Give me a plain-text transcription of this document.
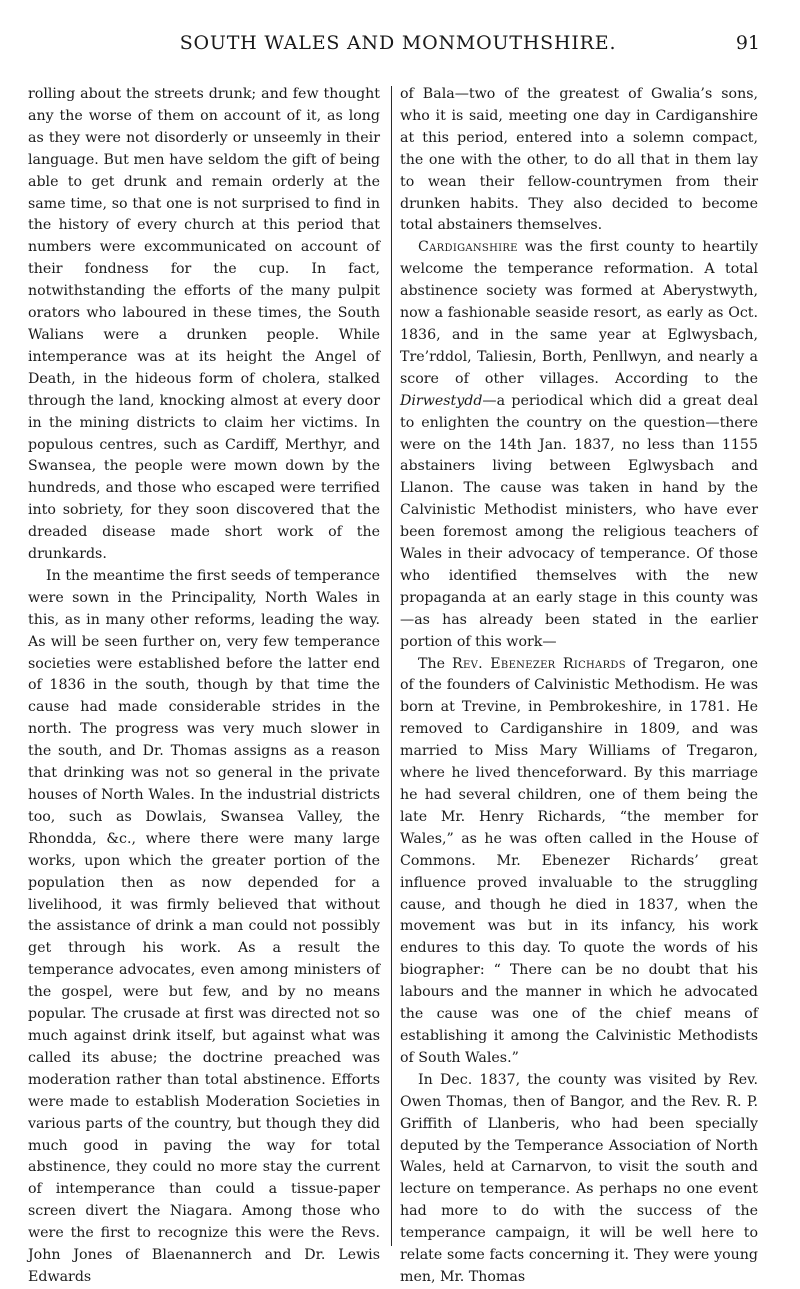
SOUTH WALES AND MONMOUTHSHIRE.	91

rolling about the streets drunk; and few thought any the worse of them on account of it, as long as they were not disorderly or unseemly in their language. But men have seldom the gift of being able to get drunk and remain orderly at the same time, so that one is not surprised to find in the history of every church at this period that numbers were excommunicated on account of their fondness for the cup. In fact, notwithstanding the efforts of the many pulpit orators who laboured in these times, the South Walians were a drunken people. While intemperance was at its height the Angel of Death, in the hideous form of cholera, stalked through the land, knocking almost at every door in the mining districts to claim her victims. In populous centres, such as Cardiff, Merthyr, and Swansea, the people were mown down by the hundreds, and those who escaped were terrified into sobriety, for they soon discovered that the dreaded disease made short work of the drunkards.

In the meantime the first seeds of temperance were sown in the Principality, North Wales in this, as in many other reforms, leading the way. As will be seen further on, very few temperance societies were established before the latter end of 1836 in the south, though by that time the cause had made considerable strides in the north. The progress was very much slower in the south, and Dr. Thomas assigns as a reason that drinking was not so general in the private houses of North Wales. In the industrial districts too, such as Dowlais, Swansea Valley, the Rhondda, &c., where there were many large works, upon which the greater portion of the population then as now depended for a livelihood, it was firmly believed that without the assistance of drink a man could not possibly get through his work. As a result the temperance advocates, even among ministers of the gospel, were but few, and by no means popular. The crusade at first was directed not so much against drink itself, but against what was called its abuse; the doctrine preached was moderation rather than total abstinence. Efforts were made to establish Moderation Societies in various parts of the country, but though they did much good in paving the way for total abstinence, they could no more stay the current of intemperance than could a tissue-paper screen divert the Niagara. Among those who were the first to recognize this were the Revs. John Jones of Blaenannerch and Dr. Lewis Edwards

of Bala—two of the greatest of Gwalia’s sons, who it is said, meeting one day in Cardiganshire at this period, entered into a solemn compact, the one with the other, to do all that in them lay to wean their fellow-countrymen from their drunken habits. They also decided to become total abstainers themselves.

Cardiganshire was the first county to heartily welcome the temperance reformation. A total abstinence society was formed at Aberystwyth, now a fashionable seaside resort, as early as Oct. 1836, and in the same year at Eglwysbach, Tre’rddol, Taliesin, Borth, Penllwyn, and nearly a score of other villages. According to the Dirwestydd—a periodical which did a great deal to enlighten the country on the question—there were on the 14th Jan. 1837, no less than 1155 abstainers living between Eglwysbach and Llanon. The cause was taken in hand by the Calvinistic Methodist ministers, who have ever been foremost among the religious teachers of Wales in their advocacy of temperance. Of those who identified themselves with the new propaganda at an early stage in this county was—as has already been stated in the earlier portion of this work—

The Rev. Ebenezer Richards of Tregaron, one of the founders of Calvinistic Methodism. He was born at Trevine, in Pembrokeshire, in 1781. He removed to Cardiganshire in 1809, and was married to Miss Mary Williams of Tregaron, where he lived thenceforward. By this marriage he had several children, one of them being the late Mr. Henry Richards, “the member for Wales,” as he was often called in the House of Commons. Mr. Ebenezer Richards’ great influence proved invaluable to the struggling cause, and though he died in 1837, when the movement was but in its infancy, his work endures to this day. To quote the words of his biographer: “ There can be no doubt that his labours and the manner in which he advocated the cause was one of the chief means of establishing it among the Calvinistic Methodists of South Wales.”

In Dec. 1837, the county was visited by Rev. Owen Thomas, then of Bangor, and the Rev. R. P. Griffith of Llanberis, who had been specially deputed by the Temperance Association of North Wales, held at Carnarvon, to visit the south and lecture on temperance. As perhaps no one event had more to do with the success of the temperance campaign, it will be well here to relate some facts concerning it. They were young men, Mr. Thomas
